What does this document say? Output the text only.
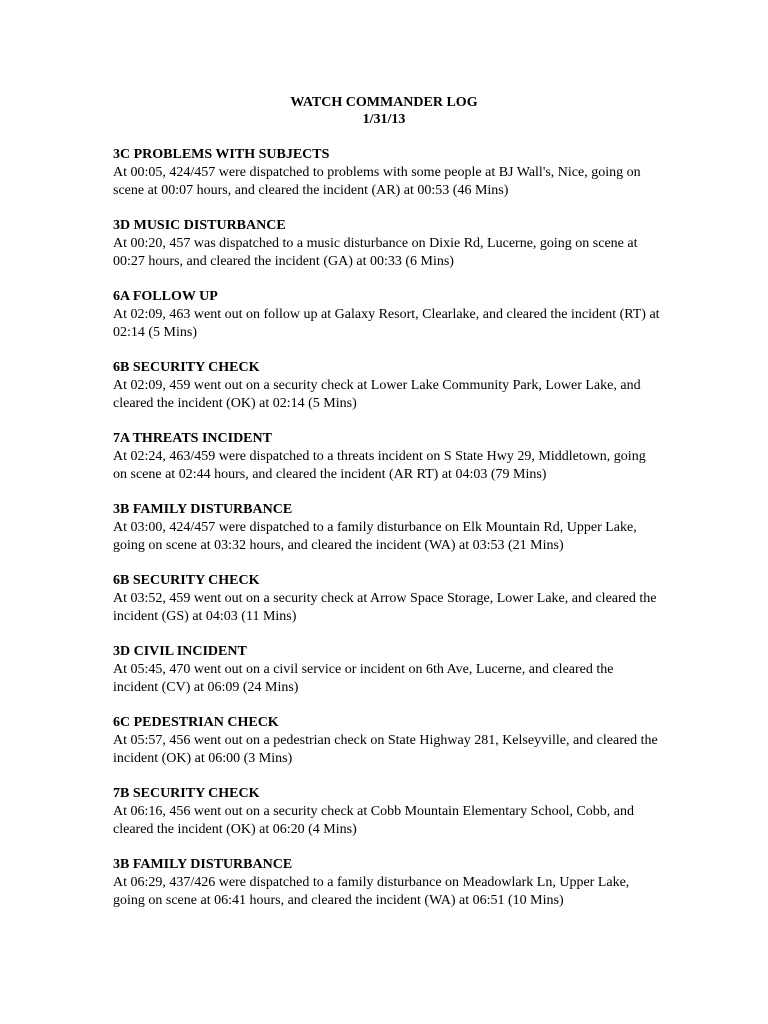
WATCH COMMANDER LOG
1/31/13
3C PROBLEMS WITH SUBJECTS

At 00:05, 424/457 were dispatched to problems with some people at BJ Wall's, Nice, going on scene at 00:07 hours, and cleared the incident (AR) at 00:53 (46 Mins)

3D MUSIC DISTURBANCE

At 00:20, 457 was dispatched to a music disturbance on Dixie Rd, Lucerne, going on scene at 00:27 hours, and cleared the incident (GA) at 00:33 (6 Mins)

6A FOLLOW UP

At 02:09, 463 went out on follow up at Galaxy Resort, Clearlake, and cleared the incident (RT) at 02:14 (5 Mins)

6B SECURITY CHECK

At 02:09, 459 went out on a security check at Lower Lake Community Park, Lower Lake, and cleared the incident (OK) at 02:14 (5 Mins)

7A THREATS INCIDENT

At 02:24, 463/459 were dispatched to a threats incident on S State Hwy 29, Middletown, going on scene at 02:44 hours, and cleared the incident (AR RT) at 04:03 (79 Mins)

3B FAMILY DISTURBANCE

At 03:00, 424/457 were dispatched to a family disturbance on Elk Mountain Rd, Upper Lake, going on scene at 03:32 hours, and cleared the incident (WA) at 03:53 (21 Mins)

6B SECURITY CHECK

At 03:52, 459 went out on a security check at Arrow Space Storage, Lower Lake, and cleared the incident (GS) at 04:03 (11 Mins)

3D CIVIL INCIDENT

At 05:45, 470 went out on a civil service or incident on 6th Ave, Lucerne, and cleared the incident (CV) at 06:09 (24 Mins)

6C PEDESTRIAN CHECK

At 05:57, 456 went out on a pedestrian check on State Highway 281, Kelseyville, and cleared the incident (OK) at 06:00 (3 Mins)

7B SECURITY CHECK

At 06:16, 456 went out on a security check at Cobb Mountain Elementary School, Cobb, and cleared the incident (OK) at 06:20 (4 Mins)

3B FAMILY DISTURBANCE

At 06:29, 437/426 were dispatched to a family disturbance on Meadowlark Ln, Upper Lake, going on scene at 06:41 hours, and cleared the incident (WA) at 06:51 (10 Mins)
